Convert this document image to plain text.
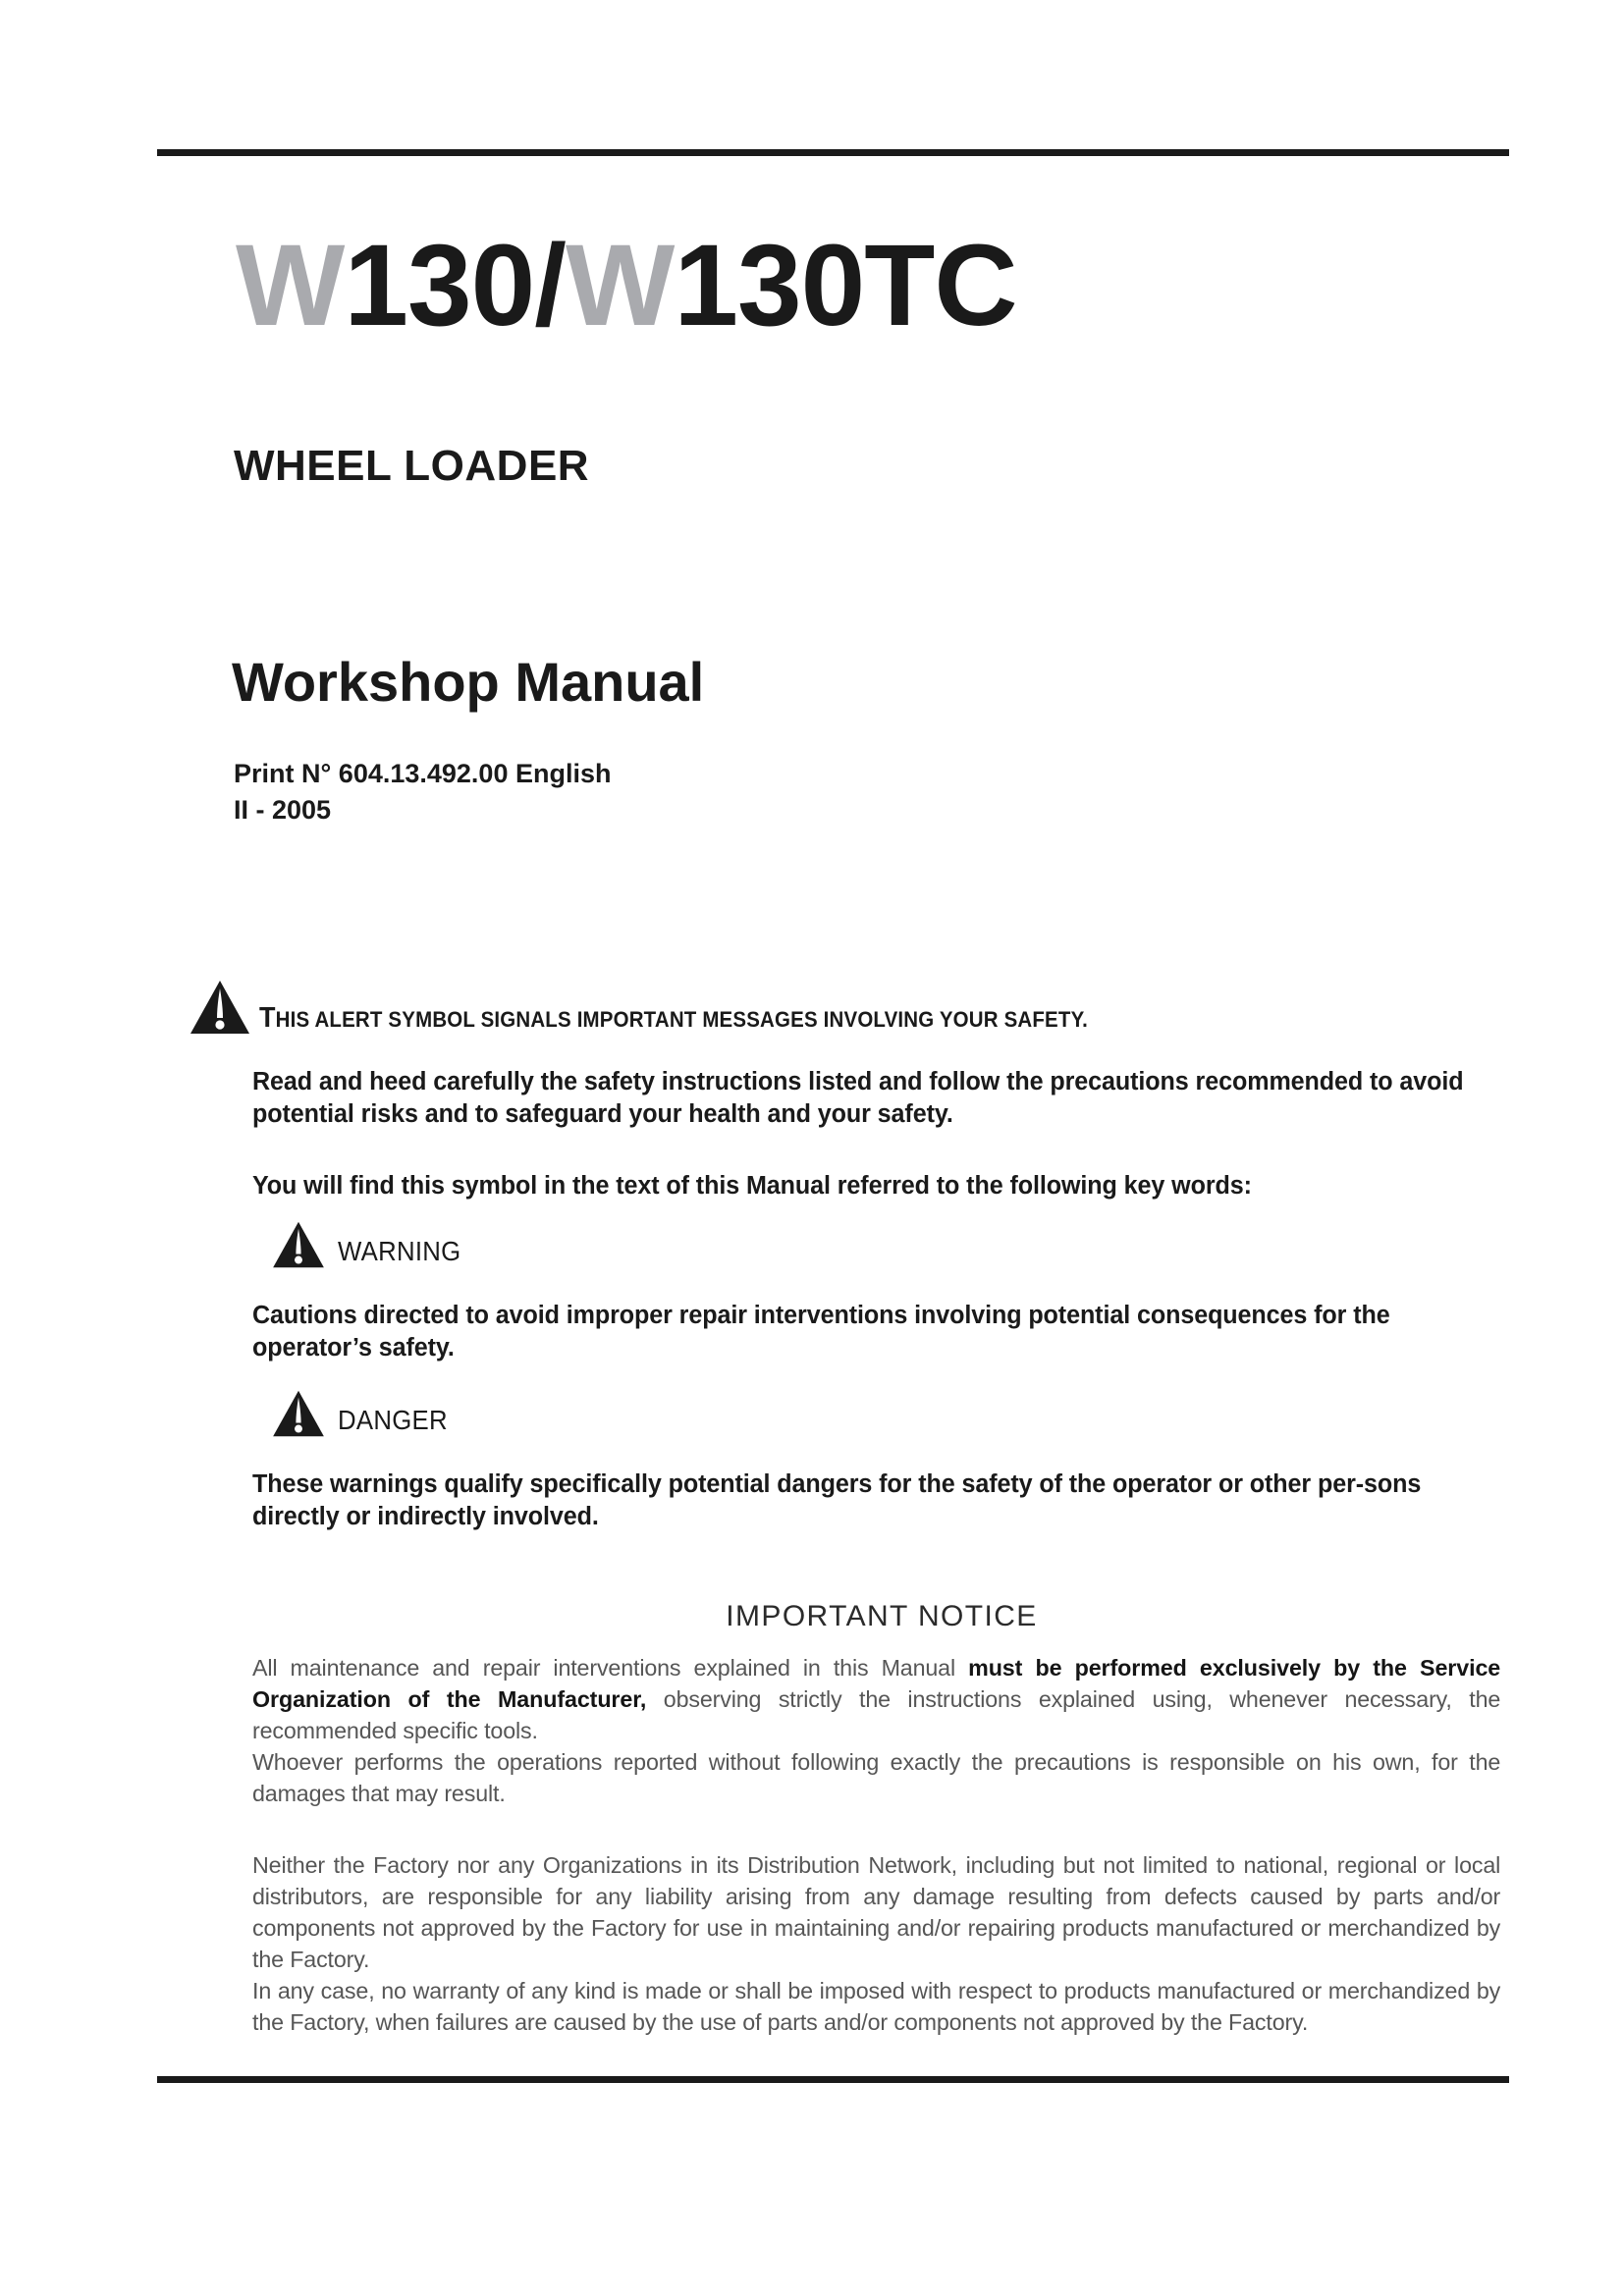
W130/W130TC
WHEEL LOADER
Workshop Manual
Print N° 604.13.492.00 English
II - 2005
THIS ALERT SYMBOL SIGNALS IMPORTANT MESSAGES INVOLVING YOUR SAFETY.
Read and heed carefully the safety instructions listed and follow the precautions recommended to avoid potential risks and to safeguard your health and your safety.
You will find this symbol in the text of this Manual referred to the following key words:
WARNING
Cautions directed to avoid improper repair interventions involving potential consequences for the operator’s safety.
DANGER
These warnings qualify specifically potential dangers for the safety of the operator or other per-sons directly or indirectly involved.
IMPORTANT NOTICE

All maintenance and repair interventions explained in this Manual must be performed exclusively by the Service Organization of the Manufacturer, observing strictly the instructions explained using, whenever necessary, the recommended specific tools.

Whoever performs the operations reported without following exactly the precautions is responsible on his own, for the damages that may result.

Neither the Factory nor any Organizations in its Distribution Network, including but not limited to national, regional or local distributors, are responsible for any liability arising from any damage resulting from defects caused by parts and/or components not approved by the Factory for use in maintaining and/or repairing products manufactured or merchandized by the Factory.

In any case, no warranty of any kind is made or shall be imposed with respect to products manufactured or merchandized by the Factory, when failures are caused by the use of parts and/or components not approved by the Factory.
